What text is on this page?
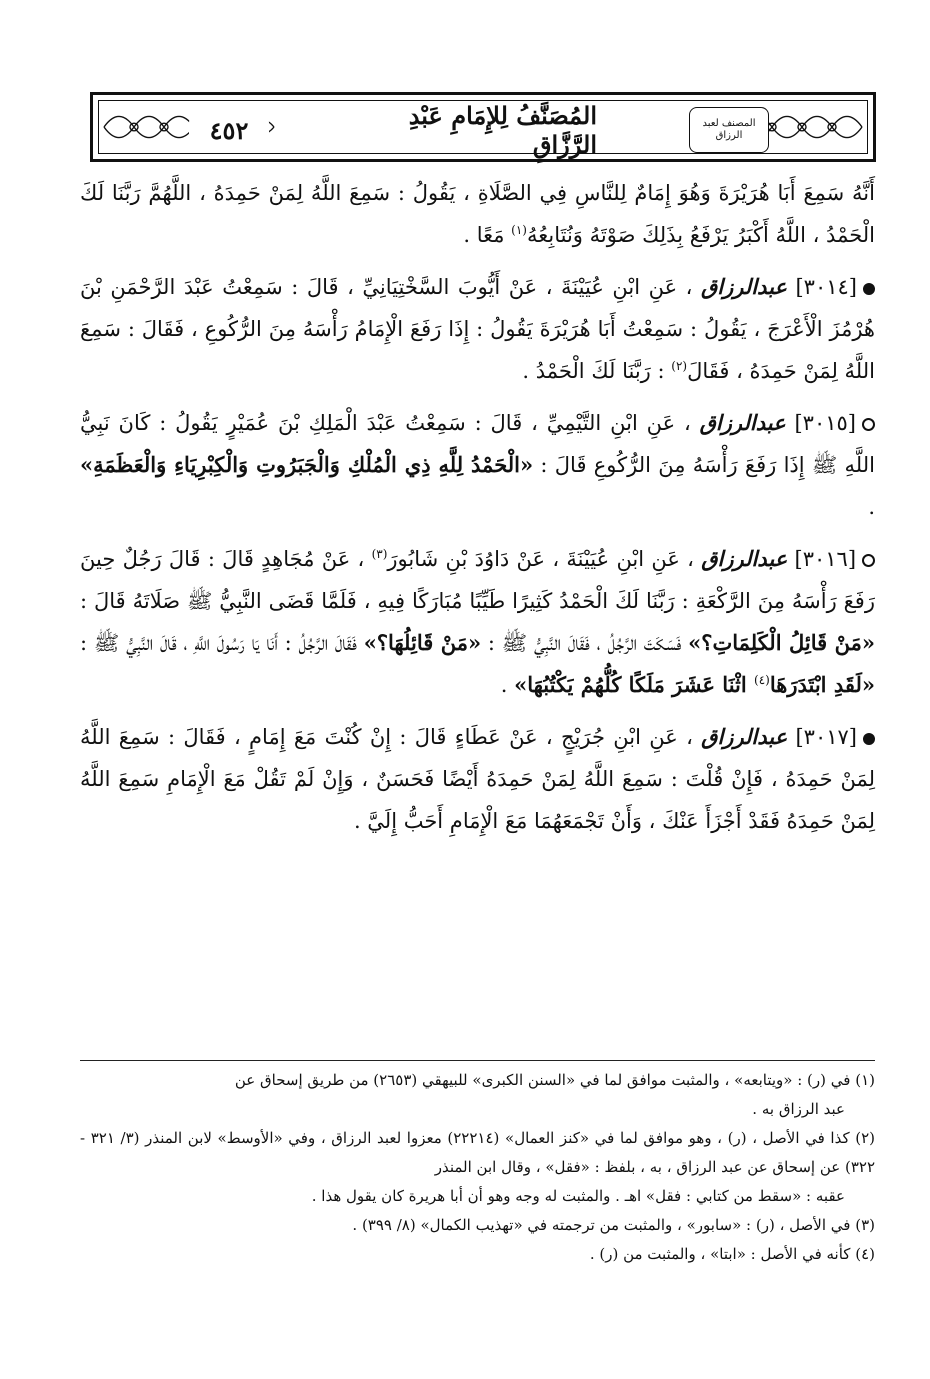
٤٥٢	المُصَنَّفُ لِلإِمَامِ عَبْدِ الرَّزَّاقِ
المصنف لعبد الرزاق

أَنَّهُ سَمِعَ أَبَا هُرَيْرَةَ وَهُوَ إِمَامٌ لِلنَّاسِ فِي الصَّلَاةِ ، يَقُولُ : سَمِعَ اللَّهُ لِمَنْ حَمِدَهُ ، اللَّهُمَّ رَبَّنَا لَكَ الْحَمْدُ ، اللَّهُ أَكْبَرُ يَرْفَعُ بِذَلِكَ صَوْتَهُ وَنُتَابِعُهُ$^{(١)}$ مَعًا .

[٣٠١٤] عبدالرزاق ، عَنِ ابْنِ عُيَيْنَةَ ، عَنْ أَيُّوبَ السَّخْتِيَانِيِّ ، قَالَ : سَمِعْتُ عَبْدَ الرَّحْمَنِ بْنَ هُرْمُزَ الْأَعْرَجَ ، يَقُولُ : سَمِعْتُ أَبَا هُرَيْرَةَ يَقُولُ : إِذَا رَفَعَ الْإِمَامُ رَأْسَهُ مِنَ الرُّكُوعِ ، فَقَالَ : سَمِعَ اللَّهُ لِمَنْ حَمِدَهُ ، فَقَالَ$^{(٢)}$ : رَبَّنَا لَكَ الْحَمْدُ .

[٣٠١٥] عبدالرزاق ، عَنِ ابْنِ التَّيْمِيِّ ، قَالَ : سَمِعْتُ عَبْدَ الْمَلِكِ بْنَ عُمَيْرٍ يَقُولُ : كَانَ نَبِيُّ اللَّهِ ﷺ إِذَا رَفَعَ رَأْسَهُ مِنَ الرُّكُوعِ قَالَ : «الْحَمْدُ لِلَّهِ ذِي الْمُلْكِ وَالْجَبَرُوتِ وَالْكِبْرِيَاءِ وَالْعَظَمَةِ» .

[٣٠١٦] عبدالرزاق ، عَنِ ابْنِ عُيَيْنَةَ ، عَنْ دَاوُدَ بْنِ شَابُورَ$^{(٣)}$ ، عَنْ مُجَاهِدٍ قَالَ : قَالَ رَجُلٌ حِينَ رَفَعَ رَأْسَهُ مِنَ الرَّكْعَةِ : رَبَّنَا لَكَ الْحَمْدُ كَثِيرًا طَيِّبًا مُبَارَكًا فِيهِ ، فَلَمَّا قَضَى النَّبِيُّ ﷺ صَلَاتَهُ قَالَ : «مَنْ قَائِلُ الْكَلِمَاتِ؟» فَسَكَتَ الرَّجُلُ ، فَقَالَ النَّبِيُّ ﷺ : «مَنْ قَائِلُهَا؟» فَقَالَ الرَّجُلُ : أَنَا يَا رَسُولَ اللَّهِ ، قَالَ النَّبِيُّ ﷺ : «لَقَدِ ابْتَدَرَهَا$^{(٤)}$ اثْنَا عَشَرَ مَلَكًا كُلُّهُمْ يَكْتُبُهَا» .

[٣٠١٧] عبدالرزاق ، عَنِ ابْنِ جُرَيْجٍ ، عَنْ عَطَاءٍ قَالَ : إِنْ كُنْتَ مَعَ إِمَامٍ ، فَقَالَ : سَمِعَ اللَّهُ لِمَنْ حَمِدَهُ ، فَإِنْ قُلْتَ : سَمِعَ اللَّهُ لِمَنْ حَمِدَهُ أَيْضًا فَحَسَنٌ ، وَإِنْ لَمْ تَقُلْ مَعَ الْإِمَامِ سَمِعَ اللَّهُ لِمَنْ حَمِدَهُ فَقَدْ أَجْزَأَ عَنْكَ ، وَأَنْ تَجْمَعَهُمَا مَعَ الْإِمَامِ أَحَبُّ إِلَيَّ .

(١) في (ر) : «ويتابعه» ، والمثبت موافق لما في «السنن الكبرى» للبيهقي (٢٦٥٣) من طريق إسحاق عن
عبد الرزاق به .

(٢) كذا في الأصل ، (ر) ، وهو موافق لما في «كنز العمال» (٢٢٢١٤) معزوا لعبد الرزاق ، وفي «الأوسط» لابن المنذر (٣/ ٣٢١ - ٣٢٢) عن إسحاق عن عبد الرزاق ، به ، بلفظ : «فقل» ، وقال ابن المنذر
عقبه : «سقط من كتابي : فقل» اهـ . والمثبت له وجه وهو أن أبا هريرة كان يقول هذا .

(٣) في الأصل ، (ر) : «سابور» ، والمثبت من ترجمته في «تهذيب الكمال» (٨/ ٣٩٩) .

(٤) كأنه في الأصل : «ابتا» ، والمثبت من (ر) .
